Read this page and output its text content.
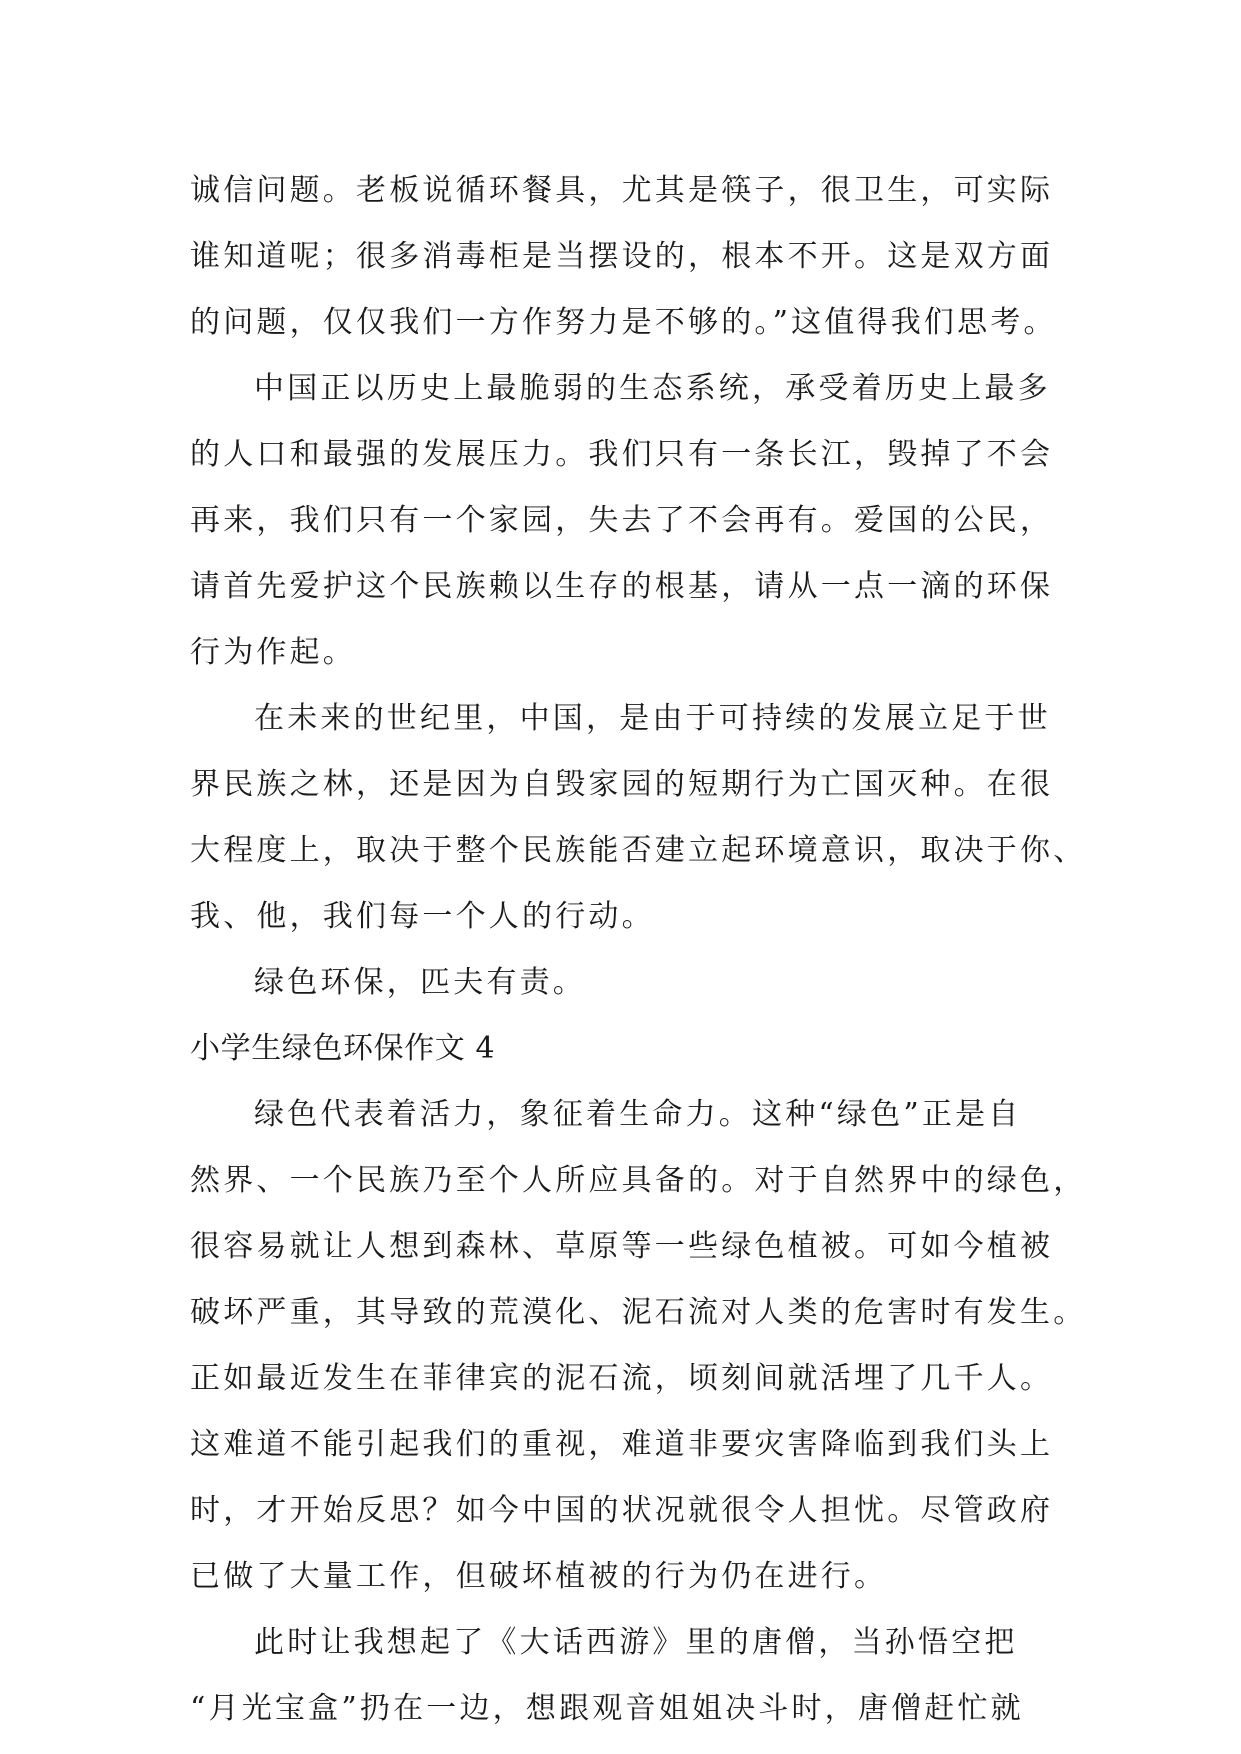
诚信问题。老板说循环餐具，尤其是筷子，很卫生，可实际
谁知道呢；很多消毒柜是当摆设的，根本不开。这是双方面
的问题，仅仅我们一方作努力是不够的。”这值得我们思考。
中国正以历史上最脆弱的生态系统，承受着历史上最多
的人口和最强的发展压力。我们只有一条长江，毁掉了不会
再来，我们只有一个家园，失去了不会再有。爱国的公民，
请首先爱护这个民族赖以生存的根基，请从一点一滴的环保
行为作起。
在未来的世纪里，中国，是由于可持续的发展立足于世
界民族之林，还是因为自毁家园的短期行为亡国灭种。在很
大程度上，取决于整个民族能否建立起环境意识，取决于你、
我、他，我们每一个人的行动。
绿色环保，匹夫有责。
小学生绿色环保作文 4
绿色代表着活力，象征着生命力。这种“绿色”正是自
然界、一个民族乃至个人所应具备的。对于自然界中的绿色，
很容易就让人想到森林、草原等一些绿色植被。可如今植被
破坏严重，其导致的荒漠化、泥石流对人类的危害时有发生。
正如最近发生在菲律宾的泥石流，顷刻间就活埋了几千人。
这难道不能引起我们的重视，难道非要灾害降临到我们头上
时，才开始反思？如今中国的状况就很令人担忧。尽管政府
已做了大量工作，但破坏植被的行为仍在进行。
此时让我想起了《大话西游》里的唐僧，当孙悟空把
“月光宝盒”扔在一边，想跟观音姐姐决斗时，唐僧赶忙就
